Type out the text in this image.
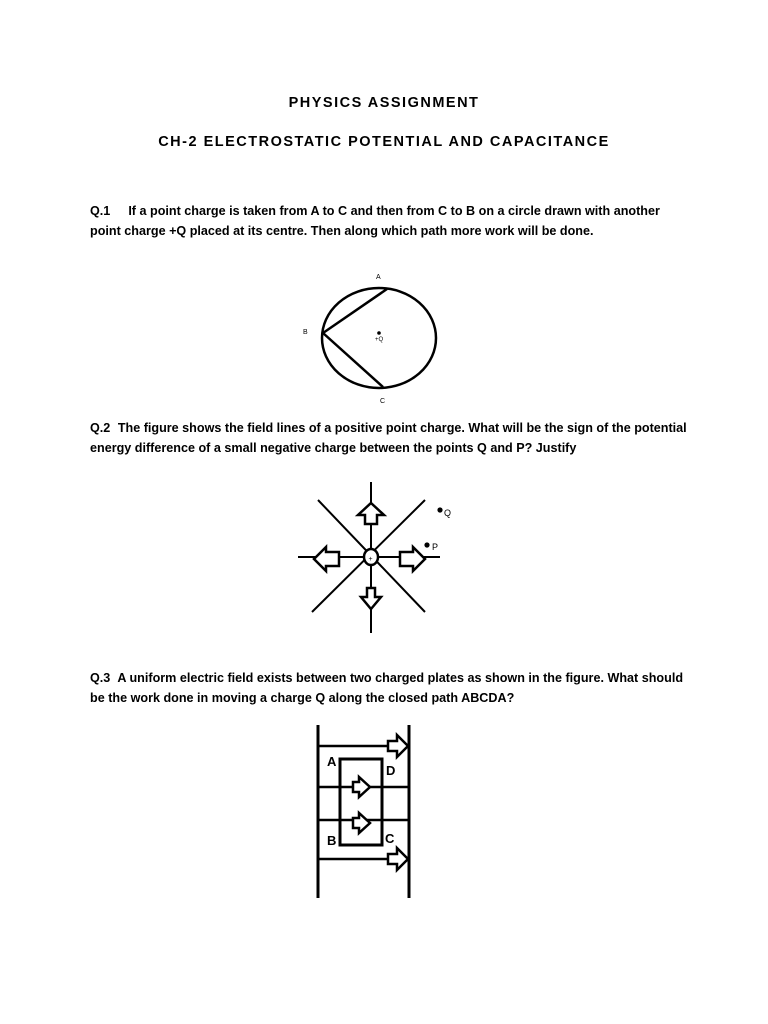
PHYSICS ASSIGNMENT
CH-2 ELECTROSTATIC POTENTIAL AND CAPACITANCE
Q.1 If a point charge is taken from A to C and then from C to B on a circle drawn with another point charge +Q placed at its centre. Then along which path more work will be done.
A
B
C
+Q
Q.2 The figure shows the field lines of a positive point charge. What will be the sign of the potential energy difference of a small negative charge between the points Q and P? Justify
+
Q
P
Q.3 A uniform electric field exists between two charged plates as shown in the figure. What should be the work done in moving a charge Q along the closed path ABCDA?
A
D
B	C
